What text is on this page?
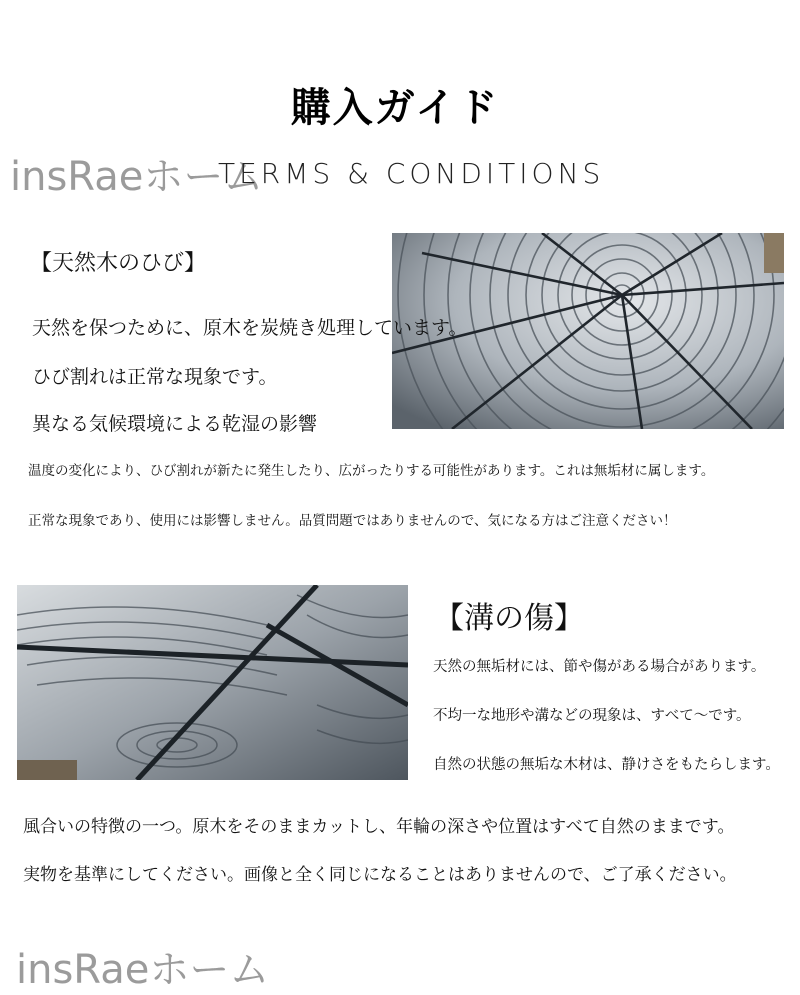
購入ガイド
insRaeホーム
TERMS & CONDITIONS
【天然木のひび】
天然を保つために、原木を炭焼き処理しています。
ひび割れは正常な現象です。
異なる気候環境による乾湿の影響
温度の変化により、ひび割れが新たに発生したり、広がったりする可能性があります。これは無垢材に属します。
正常な現象であり、使用には影響しません。品質問題ではありませんので、気になる方はご注意ください！
【溝の傷】
天然の無垢材には、節や傷がある場合があります。
不均一な地形や溝などの現象は、すべて～です。
自然の状態の無垢な木材は、静けさをもたらします。
風合いの特徴の一つ。原木をそのままカットし、年輪の深さや位置はすべて自然のままです。
実物を基準にしてください。画像と全く同じになることはありませんので、ご了承ください。
insRaeホーム
